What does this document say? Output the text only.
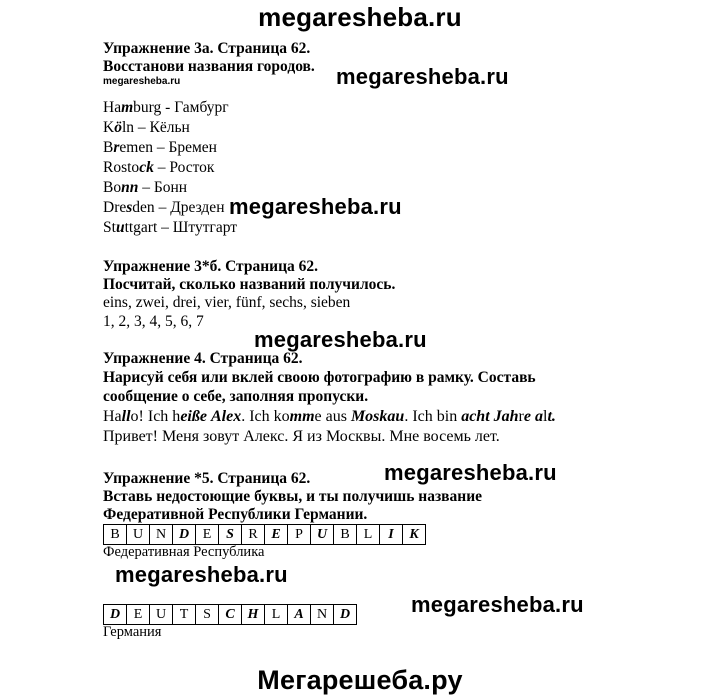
megaresheba.ru
megaresheba.ru	megaresheba.ru
megaresheba.ru
megaresheba.ru
megaresheba.ru
megaresheba.ru
megaresheba.ru
Мегарешеба.ру
Упражнение 3а. Страница 62.
Восстанови названия городов.
Hamburg - Гамбург
Köln – Кёльн
Bremen – Бремен
Rostock – Росток
Bonn – Бонн
Dresden – Дрезден
Stuttgart – Штутгарт
Упражнение 3*б. Страница 62.
Посчитай, сколько названий получилось.
eins, zwei, drei, vier, fünf, sechs, sieben
1, 2, 3, 4, 5, 6, 7
Упражнение 4. Страница 62.
Нарисуй себя или вклей своою фотографию в рамку. Составь
сообщение о себе, заполняя пропуски.
Hallo! Ich heiße Alex. Ich komme aus Moskau. Ich bin acht Jahre alt.
Привет! Меня зовут Алекс. Я из Москвы. Мне восемь лет.
Упражнение *5. Страница 62.
Вставь недостоющие буквы, и ты получишь название
Федеративной Республики Германии.
B U N D E	S	R E	P	U B	L	I	K
Федеративная Республика
D E U T	S	C H L	A N D
Германия
